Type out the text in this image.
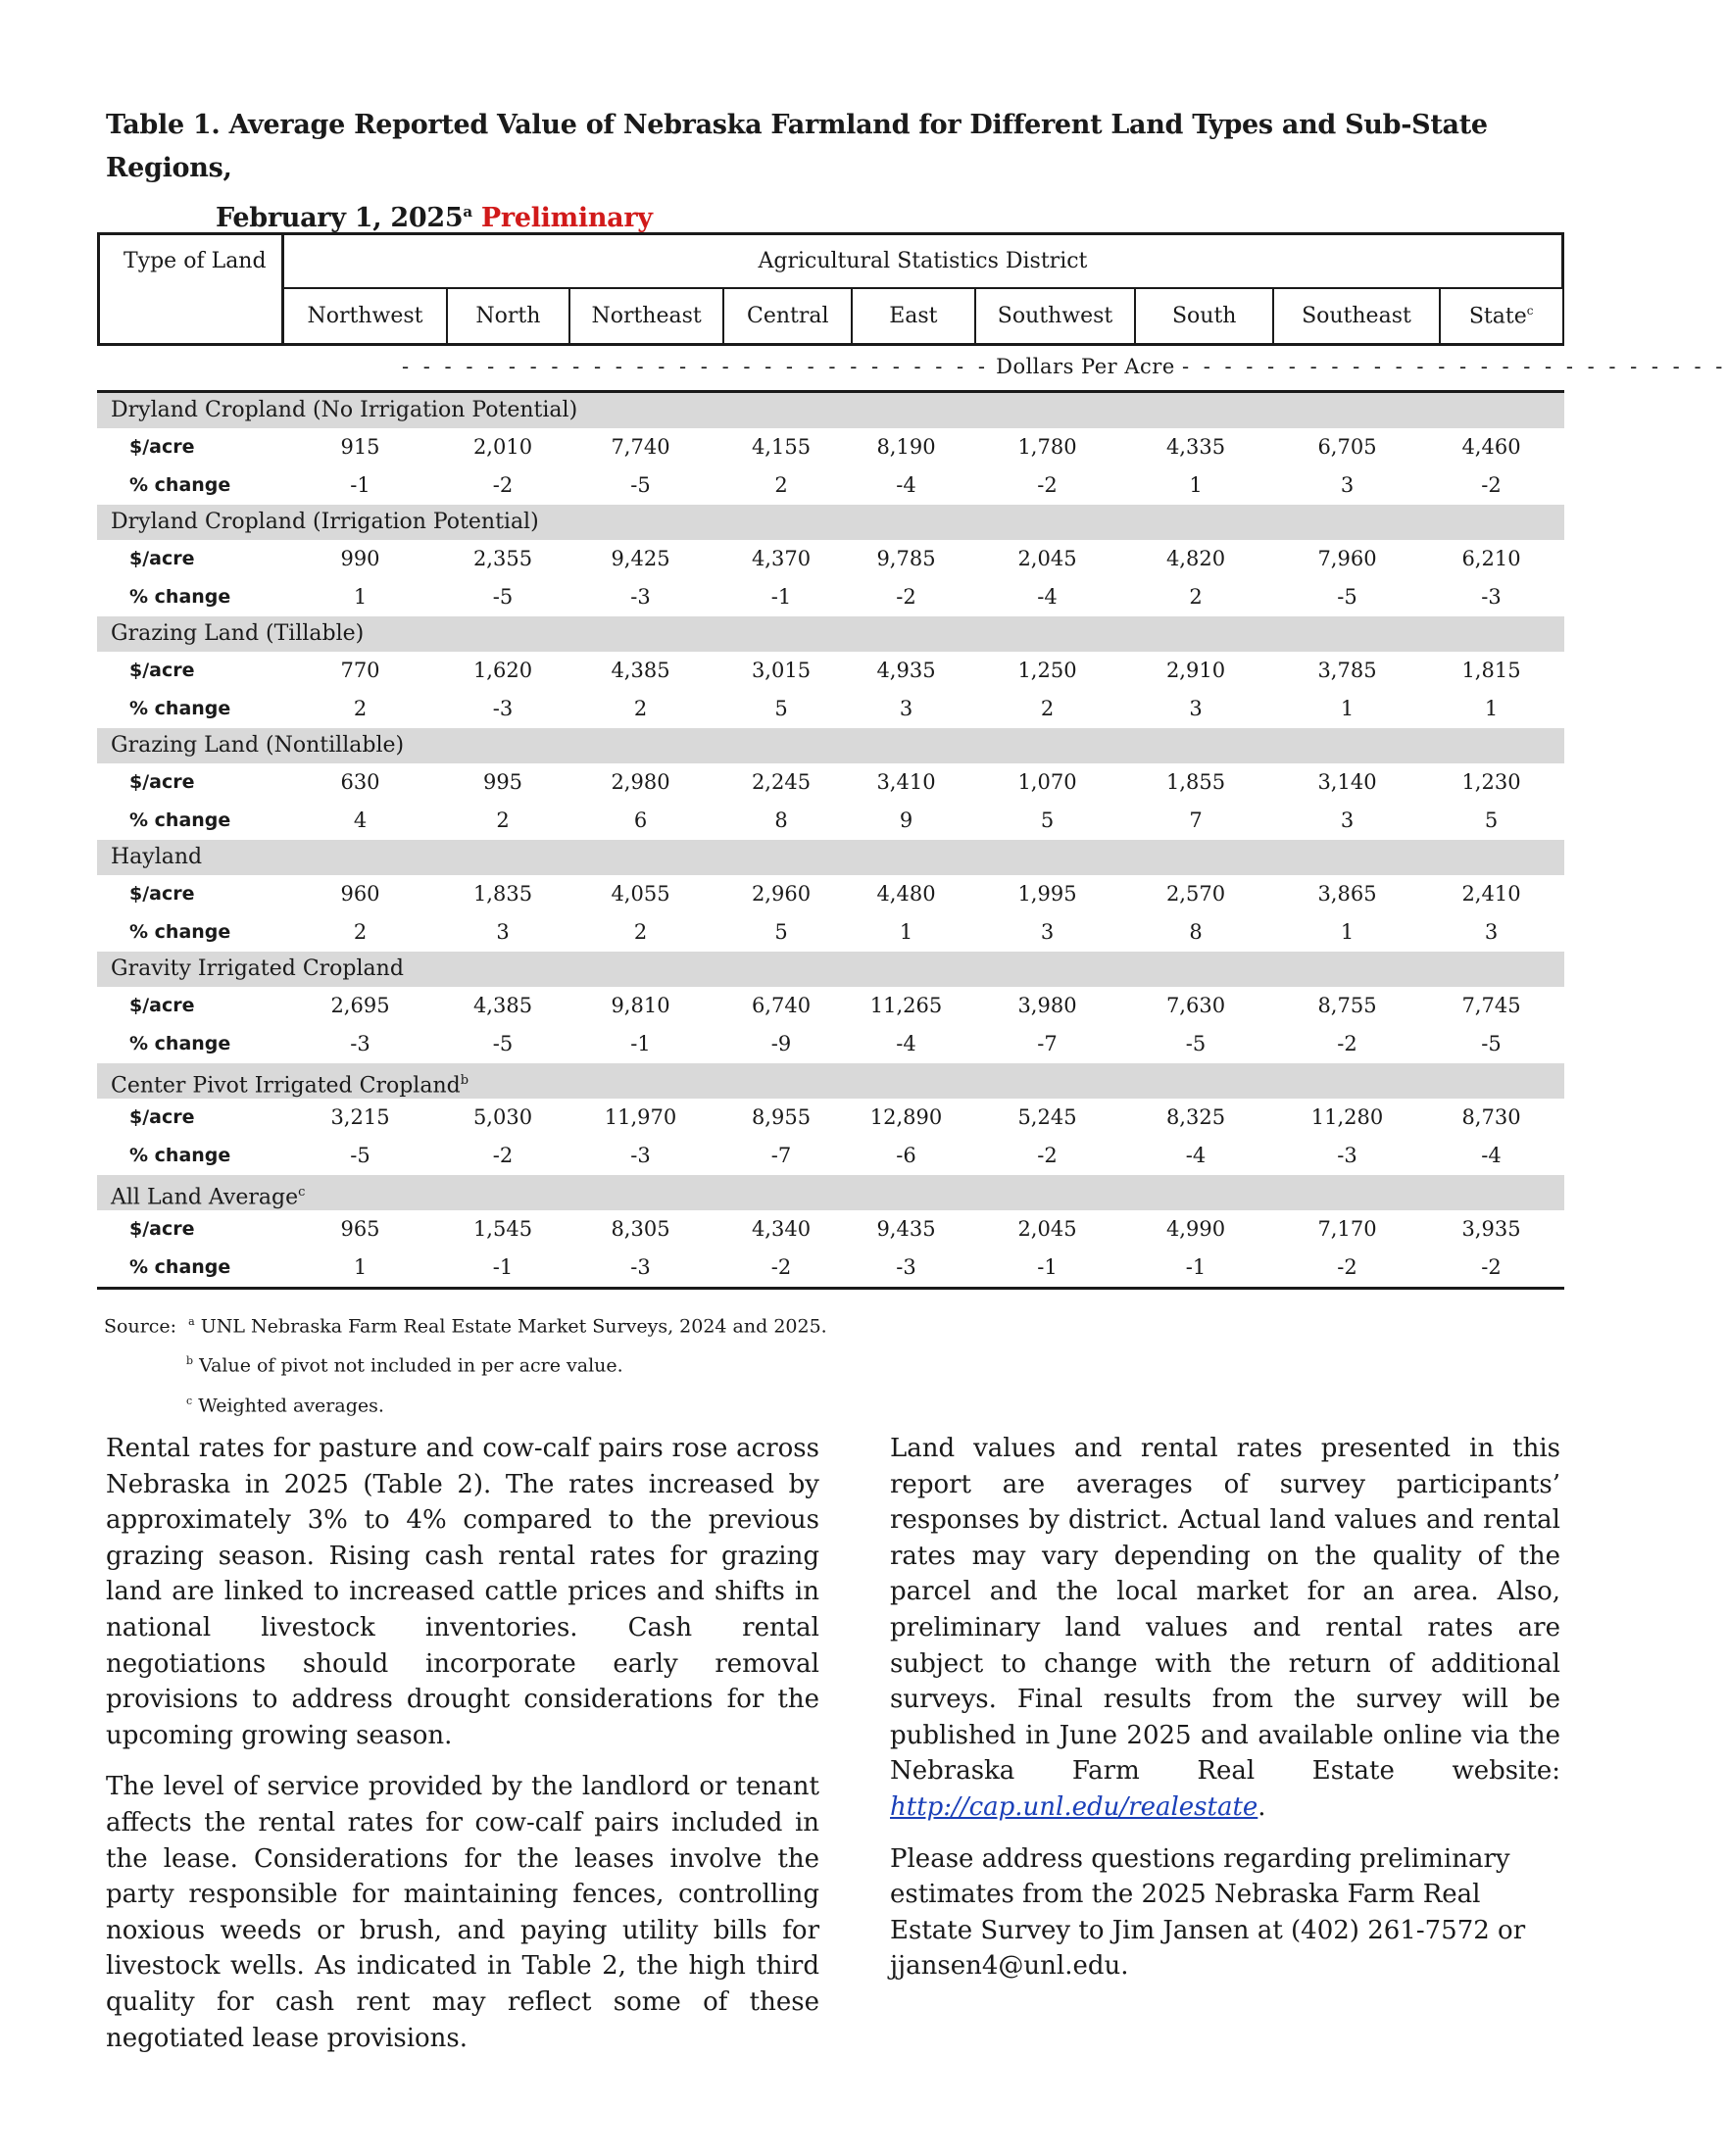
Table 1. Average Reported Value of Nebraska Farmland for Different Land Types and Sub-State Regions,
February 1, 2025$^a$ Preliminary
Type of Land	Agricultural Statistics District								
	Northwest	North	Northeast	Central	East	Southwest	South	Southeast	State$^c$
- - - - - - - - - - - - - - - - - - - - - - - - - - - - Dollars Per Acre - - - - - - - - - - - - - - - - - - - - - - - - - -
Dryland Cropland (No Irrigation Potential)
$/acre	915	2,010	7,740	4,155	8,190	1,780	4,335	6,705	4,460
% change	-1	-2	-5	2	-4	-2	1	3	-2
Dryland Cropland (Irrigation Potential)
$/acre	990	2,355	9,425	4,370	9,785	2,045	4,820	7,960	6,210
% change	1	-5	-3	-1	-2	-4	2	-5	-3
Grazing Land (Tillable)
$/acre	770	1,620	4,385	3,015	4,935	1,250	2,910	3,785	1,815
% change	2	-3	2	5	3	2	3	1	1
Grazing Land (Nontillable)
$/acre	630	995	2,980	2,245	3,410	1,070	1,855	3,140	1,230
% change	4	2	6	8	9	5	7	3	5
Hayland
$/acre	960	1,835	4,055	2,960	4,480	1,995	2,570	3,865	2,410
% change	2	3	2	5	1	3	8	1	3
Gravity Irrigated Cropland
$/acre	2,695	4,385	9,810	6,740	11,265	3,980	7,630	8,755	7,745
% change	-3	-5	-1	-9	-4	-7	-5	-2	-5
Center Pivot Irrigated Cropland$^b$
$/acre	3,215	5,030	11,970	8,955	12,890	5,245	8,325	11,280	8,730
% change	-5	-2	-3	-7	-6	-2	-4	-3	-4
All Land Average$^c$
$/acre	965	1,545	8,305	4,340	9,435	2,045	4,990	7,170	3,935
% change	1	-1	-3	-2	-3	-1	-1	-2	-2
Source: $^a$ UNL Nebraska Farm Real Estate Market Surveys, 2024 and 2025.
$^b$ Value of pivot not included in per acre value.
$^c$ Weighted averages.

Rental rates for pasture and cow-calf pairs rose across Nebraska in 2025 (Table 2). The rates increased by approximately 3% to 4% compared to the previous grazing season. Rising cash rental rates for grazing land are linked to increased cattle prices and shifts in national livestock inventories. Cash rental negotiations should incorporate early removal provisions to address drought considerations for the upcoming growing season.

The level of service provided by the landlord or tenant affects the rental rates for cow-calf pairs included in the lease. Considerations for the leases involve the party responsible for maintaining fences, controlling noxious weeds or brush, and paying utility bills for livestock wells. As indicated in Table 2, the high third quality for cash rent may reflect some of these negotiated lease provisions.

Land values and rental rates presented in this report are averages of survey participants’ responses by district. Actual land values and rental rates may vary depending on the quality of the parcel and the local market for an area. Also, preliminary land values and rental rates are subject to change with the return of additional surveys. Final results from the survey will be published in June 2025 and available online via the Nebraska Farm Real Estate website: http://cap.unl.edu/realestate.

Please address questions regarding preliminary estimates from the 2025 Nebraska Farm Real Estate Survey to Jim Jansen at (402) 261-7572 or jjansen4@unl.edu.
